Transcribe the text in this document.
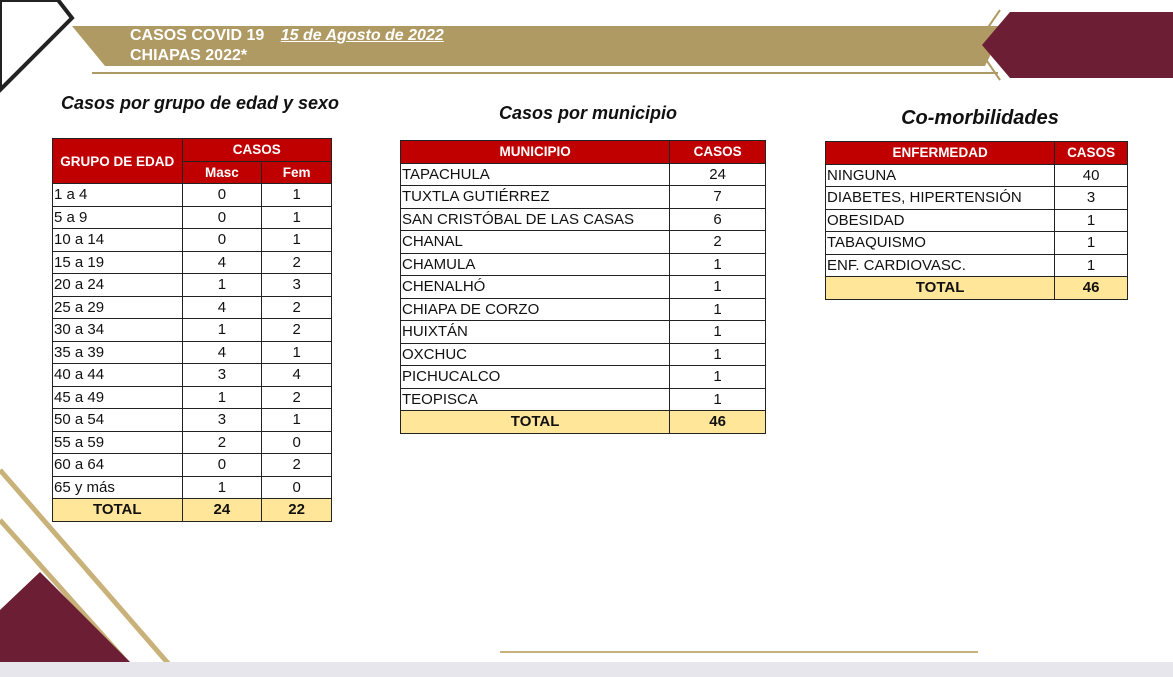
CASOS COVID 19 15 de Agosto de 2022
CHIAPAS 2022*
Casos por grupo de edad y sexo	Casos por municipio	Co-morbilidades
GRUPO DE EDAD	CASOS	
	Masc	Fem
1 a 4	0	1
5 a 9	0	1
10 a 14	0	1
15 a 19	4	2
20 a 24	1	3
25 a 29	4	2
30 a 34	1	2
35 a 39	4	1
40 a 44	3	4
45 a 49	1	2
50 a 54	3	1
55 a 59	2	0
60 a 64	0	2
65 y más	1	0
TOTAL	24	22
MUNICIPIO	CASOS
TAPACHULA	24
TUXTLA GUTIÉRREZ	7
SAN CRISTÓBAL DE LAS CASAS	6
CHANAL	2
CHAMULA	1
CHENALHÓ	1
CHIAPA DE CORZO	1
HUIXTÁN	1
OXCHUC	1
PICHUCALCO	1
TEOPISCA	1
TOTAL	46
ENFERMEDAD	CASOS
NINGUNA	40
DIABETES, HIPERTENSIÓN	3
OBESIDAD	1
TABAQUISMO	1
ENF. CARDIOVASC.	1
TOTAL	46
